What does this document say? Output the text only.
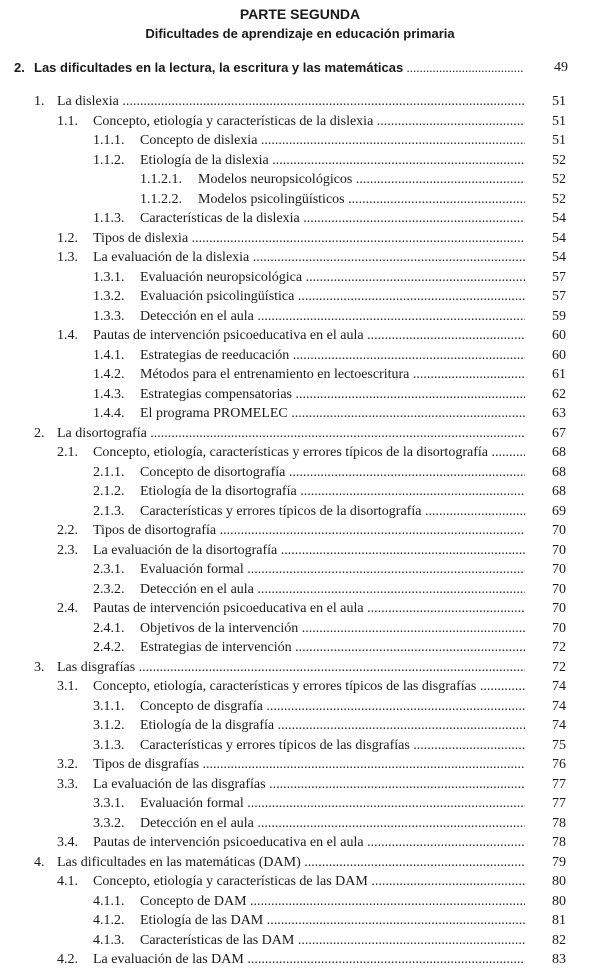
PARTE SEGUNDA
Dificultades de aprendizaje en educación primaria
2. Las dificultades en la lectura, la escritura y las matemáticas .....	49
1. La dislexia .....	51
1.1. Concepto, etiología y características de la dislexia .....	51
1.1.1. Concepto de dislexia .....	51
1.1.2. Etiología de la dislexia .....	52
1.1.2.1. Modelos neuropsicológicos .....	52
1.1.2.2. Modelos psicolingüísticos .....	52
1.1.3. Características de la dislexia .....	54
1.2. Tipos de dislexia .....	54
1.3. La evaluación de la dislexia .....	54
1.3.1. Evaluación neuropsicológica .....	57
1.3.2. Evaluación psicolingüística .....	57
1.3.3. Detección en el aula .....	59
1.4. Pautas de intervención psicoeducativa en el aula .....	60
1.4.1. Estrategias de reeducación .....	60
1.4.2. Métodos para el entrenamiento en lectoescritura .....	61
1.4.3. Estrategias compensatorias .....	62
1.4.4. El programa PROMELEC .....	63
2. La disortografía .....	67
2.1. Concepto, etiología, características y errores típicos de la disortografía .....	68
2.1.1. Concepto de disortografía .....	68
2.1.2. Etiología de la disortografía .....	68
2.1.3. Características y errores típicos de la disortografía .....	69
2.2. Tipos de disortografía .....	70
2.3. La evaluación de la disortografía .....	70
2.3.1. Evaluación formal .....	70
2.3.2. Detección en el aula .....	70
2.4. Pautas de intervención psicoeducativa en el aula .....	70
2.4.1. Objetivos de la intervención .....	70
2.4.2. Estrategias de intervención .....	72
3. Las disgrafías .....	72
3.1. Concepto, etiología, características y errores típicos de las disgrafías .....	74
3.1.1. Concepto de disgrafía .....	74
3.1.2. Etiología de la disgrafía .....	74
3.1.3. Características y errores típicos de las disgrafías .....	75
3.2. Tipos de disgrafías .....	76
3.3. La evaluación de las disgrafías .....	77
3.3.1. Evaluación formal .....	77
3.3.2. Detección en el aula .....	78
3.4. Pautas de intervención psicoeducativa en el aula .....	78
4. Las dificultades en las matemáticas (DAM) .....	79
4.1. Concepto, etiología y características de las DAM .....	80
4.1.1. Concepto de DAM .....	80
4.1.2. Etiología de las DAM .....	81
4.1.3. Características de las DAM .....	82
4.2. La evaluación de las DAM .....	83
